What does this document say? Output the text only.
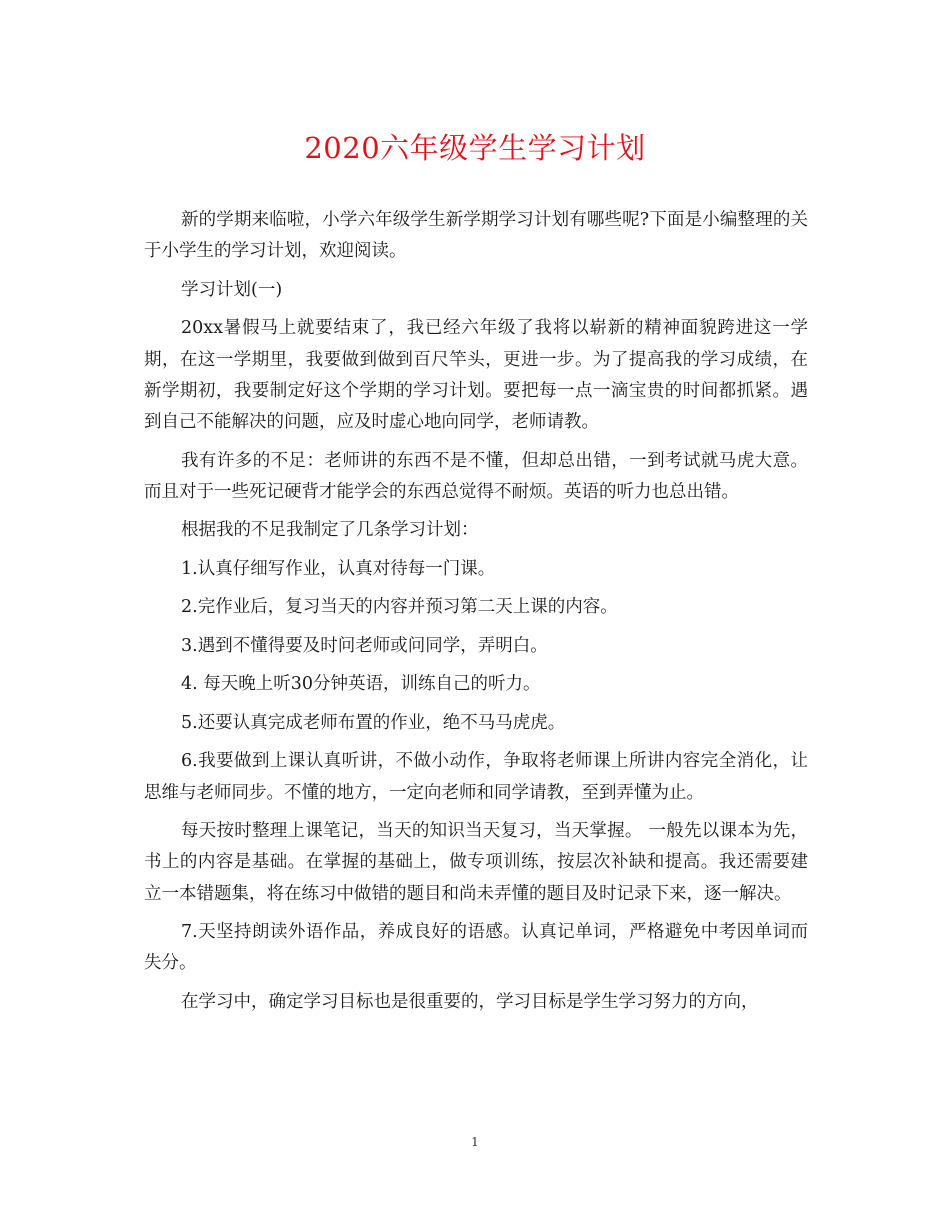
2020六年级学生学习计划

新的学期来临啦，小学六年级学生新学期学习计划有哪些呢?下面是小编整理的关于小学生的学习计划，欢迎阅读。

学习计划(一)

20xx暑假马上就要结束了，我已经六年级了我将以崭新的精神面貌跨进这一学期，在这一学期里，我要做到做到百尺竿头，更进一步。为了提高我的学习成绩，在新学期初，我要制定好这个学期的学习计划。要把每一点一滴宝贵的时间都抓紧。遇到自己不能解决的问题，应及时虚心地向同学，老师请教。

我有许多的不足：老师讲的东西不是不懂，但却总出错，一到考试就马虎大意。而且对于一些死记硬背才能学会的东西总觉得不耐烦。英语的听力也总出错。

根据我的不足我制定了几条学习计划：

1.认真仔细写作业，认真对待每一门课。

2.完作业后，复习当天的内容并预习第二天上课的内容。

3.遇到不懂得要及时问老师或问同学，弄明白。

4. 每天晚上听30分钟英语，训练自己的听力。

5.还要认真完成老师布置的作业，绝不马马虎虎。

6.我要做到上课认真听讲，不做小动作，争取将老师课上所讲内容完全消化，让思维与老师同步。不懂的地方，一定向老师和同学请教，至到弄懂为止。

每天按时整理上课笔记，当天的知识当天复习，当天掌握。 一般先以课本为先，书上的内容是基础。在掌握的基础上，做专项训练，按层次补缺和提高。我还需要建立一本错题集，将在练习中做错的题目和尚未弄懂的题目及时记录下来，逐一解决。

7.天坚持朗读外语作品，养成良好的语感。认真记单词，严格避免中考因单词而失分。

在学习中，确定学习目标也是很重要的，学习目标是学生学习努力的方向，

1
